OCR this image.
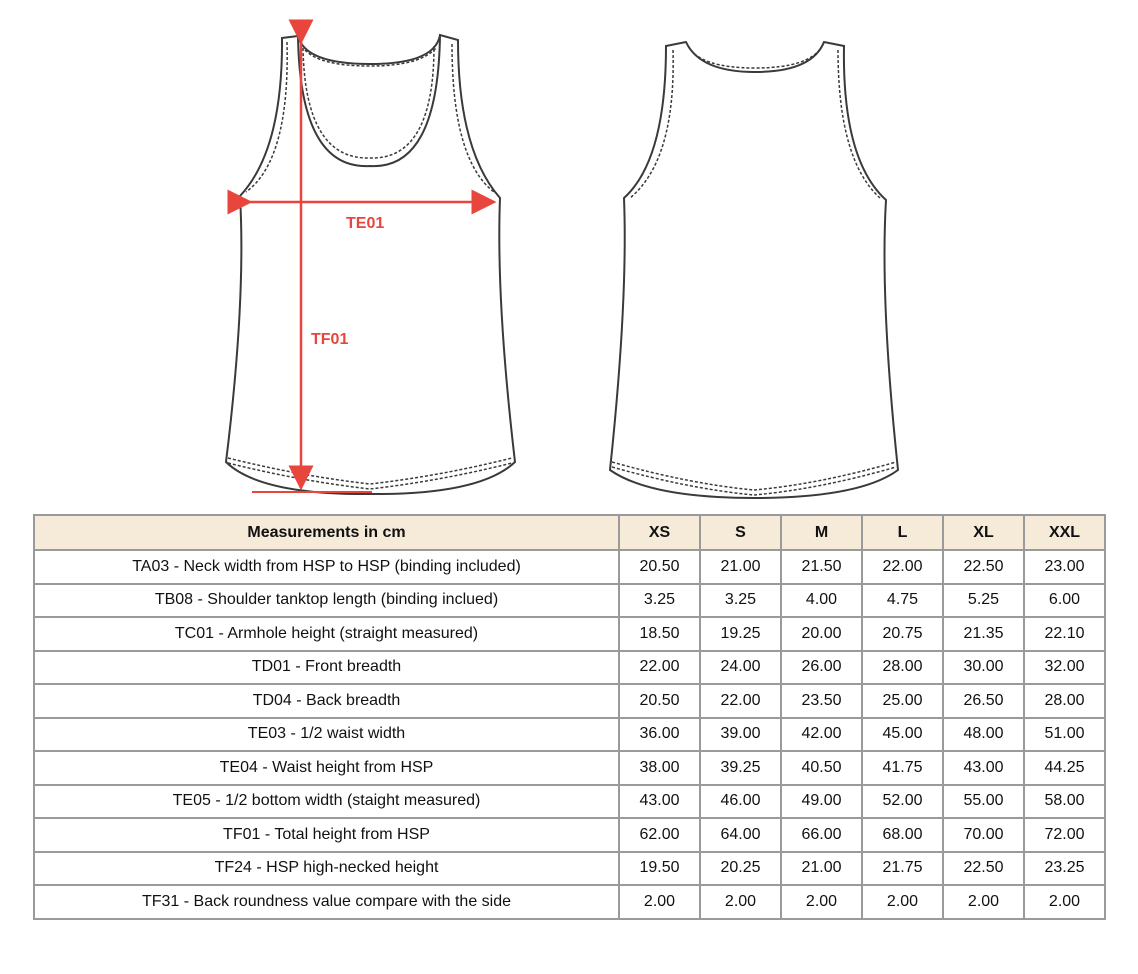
TE01
TF01
Measurements in cm	XS	S	M	L	XL	XXL
TA03 - Neck width from HSP to HSP (binding included)	20.50	21.00	21.50	22.00	22.50	23.00
TB08 - Shoulder tanktop length (binding inclued)	3.25	3.25	4.00	4.75	5.25	6.00
TC01 - Armhole height (straight measured)	18.50	19.25	20.00	20.75	21.35	22.10
TD01 - Front breadth	22.00	24.00	26.00	28.00	30.00	32.00
TD04 - Back breadth	20.50	22.00	23.50	25.00	26.50	28.00
TE03 - 1/2 waist width	36.00	39.00	42.00	45.00	48.00	51.00
TE04 - Waist height from HSP	38.00	39.25	40.50	41.75	43.00	44.25
TE05 - 1/2 bottom width (staight measured)	43.00	46.00	49.00	52.00	55.00	58.00
TF01 - Total height from HSP	62.00	64.00	66.00	68.00	70.00	72.00
TF24 - HSP high-necked height	19.50	20.25	21.00	21.75	22.50	23.25
TF31 - Back roundness value compare with the side	2.00	2.00	2.00	2.00	2.00	2.00
